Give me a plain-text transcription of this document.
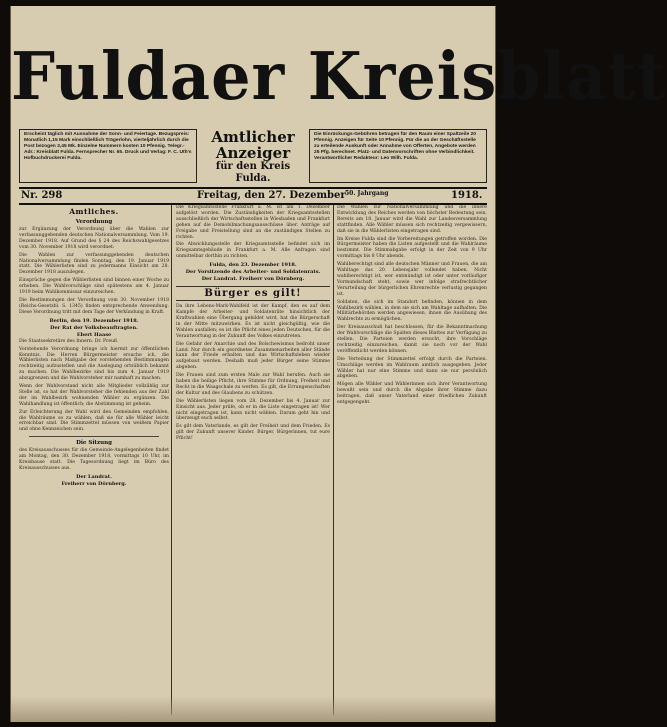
Fuldaer Kreisblatt
Erscheint täglich mit Ausnahme der Sonn- und Feiertage. Bezugspreis: Monatlich 1,15 Mark einschließlich Trägerlohn, vierteljährlich durch die Post bezogen 3,45 Mk. Einzelne Nummern kosten 10 Pfennig. Telegr.-Adr.: Kreisblatt Fulda. Fernsprecher Nr. 65. Druck und Verlag: F. C. Uth's Hofbuchdruckerei Fulda.
Amtlicher
Anzeiger
für den Kreis
Fulda.
Die Einrückungs-Gebühren betragen für den Raum einer Spaltzeile 20 Pfennig. Anzeigen für Seite 10 Pfennig. Für die an der Geschäftsstelle zu erteilende Auskunft oder Annahme von Offerten, Angebote werden 25 Pfg. berechnet. Platz- und Datenvorschriften ohne Verbindlichkeit. Verantwortlicher Redakteur: Leo Wilh. Fulda.
Nr. 298	Freitag, den 27. Dezember 50. Jahrgang	1918.
Amtliches.
Verordnung

zur Ergänzung der Verordnung über die Wahlen zur verfassunggebenden deutschen Nationalversammlung. Vom 19. Dezember 1918. Auf Grund des § 24 des Reichswahlgesetzes vom 30. November 1918 wird verordnet:

Die Wahlen zur verfassunggebenden deutschen Nationalversammlung finden Sonntag, den 19. Januar 1919 statt. Die Wählerlisten sind zu jedermanns Einsicht am 28. Dezember 1918 auszulegen.

Einsprüche gegen die Wählerlisten sind binnen einer Woche zu erheben. Die Wahlvorschläge sind spätestens am 4. Januar 1919 beim Wahlkommissar einzureichen.

Die Bestimmungen der Verordnung vom 30. November 1918 (Reichs-Gesetzbl. S. 1345) finden entsprechende Anwendung. Diese Verordnung tritt mit dem Tage der Verkündung in Kraft.

Berlin, den 19. Dezember 1918.
Der Rat der Volksbeauftragten.
Ebert Haase

Die Staatssekretäre des Innern. Dr. Preuß.

Vorstehende Verordnung bringe ich hiermit zur öffentlichen Kenntnis. Die Herren Bürgermeister ersuche ich, die Wählerlisten nach Maßgabe der vorstehenden Bestimmungen rechtzeitig aufzustellen und die Auslegung ortsüblich bekannt zu machen. Die Wahlbezirke sind bis zum 4. Januar 1919 abzugrenzen und die Wahlvorsteher mir namhaft zu machen.

Wenn der Wahlvorstand nicht alle Mitglieder vollzählig zur Stelle ist, so hat der Wahlvorsteher die fehlenden aus der Zahl der im Wahlbezirk wohnenden Wähler zu ergänzen. Die Wahlhandlung ist öffentlich; die Abstimmung ist geheim.

Zur Erleichterung der Wahl wird den Gemeinden empfohlen, die Wahlräume so zu wählen, daß sie für alle Wähler leicht erreichbar sind. Die Stimmzettel müssen von weißem Papier und ohne Kennzeichen sein.

Die Sitzung

des Kreisausschusses für die Gemeinde-Angelegenheiten findet am Montag, den 30. Dezember 1918, vormittags 10 Uhr, im Kreishause statt. Die Tagesordnung liegt im Büro des Kreisausschusses aus.

Der Landrat.
Freiherr von Dörnberg.

Die Kriegsamtsstelle Frankfurt a. M. ist am 1. Dezember aufgelöst worden. Die Zuständigkeiten der Kriegsamtsstellen ausschließlich der Wirtschaftsstellen in Wiesbaden und Frankfurt gehen auf die Demobilmachungsausschüsse über. Anträge auf Freigabe und Freistellung sind an die zuständigen Stellen zu richten.

Die Abwicklungsstelle der Kriegsamtsstelle befindet sich im Kriegsamtsgebäude in Frankfurt a. M. Alle Anfragen sind unmittelbar dorthin zu richten.

Fulda, den 23. Dezember 1918.
Der Vorsitzende des Arbeiter- und Soldatenrats.
Der Landrat. Freiherr von Dörnberg.
Bürger es gilt!

Da ihre Lebens-Mark-Wahlfeld ist der Kampf, den es auf dem Kampfe der Arbeiter- und Soldatenräte hinsichtlich der Kraftwahlen eine Übergang gebildet wird, hat die Bürgerschaft in der Mitte mitzuwirken. Es ist nicht gleichgültig, wie die Wahlen ausfallen; es ist die Pflicht eines jeden Deutschen, für die Verantwortung in der Zukunft des Volkes einzutreten.

Die Gefahr der Anarchie und des Bolschewismus bedroht unser Land. Nur durch ein geordnetes Zusammenarbeiten aller Stände kann der Friede erhalten und das Wirtschaftsleben wieder aufgebaut werden. Deshalb muß jeder Bürger seine Stimme abgeben.

Die Frauen sind zum ersten Male zur Wahl berufen. Auch sie haben die heilige Pflicht, ihre Stimme für Ordnung, Freiheit und Recht in die Waagschale zu werfen. Es gilt, die Errungenschaften der Kultur und des Glaubens zu schützen.

Die Wählerlisten liegen vom 28. Dezember bis 4. Januar zur Einsicht aus. Jeder prüfe, ob er in die Liste eingetragen ist! Wer nicht eingetragen ist, kann nicht wählen. Darum geht hin und überzeugt euch selbst.

Es gilt dem Vaterlande, es gilt der Freiheit und dem Frieden. Es gilt der Zukunft unserer Kinder. Bürger, Bürgerinnen, tut eure Pflicht!

Die Wahlen zur Nationalversammlung und die innere Entwicklung des Reiches werden von höchster Bedeutung sein. Bereits am 18. Januar wird die Wahl zur Landesversammlung stattfinden. Alle Wähler müssen sich rechtzeitig vergewissern, daß sie in die Wählerlisten eingetragen sind.

Im Kreise Fulda sind die Vorbereitungen getroffen worden. Die Bürgermeister haben die Listen aufgestellt und die Wahlräume bestimmt. Die Stimmabgabe erfolgt in der Zeit von 9 Uhr vormittags bis 8 Uhr abends.

Wahlberechtigt sind alle deutschen Männer und Frauen, die am Wahltage das 20. Lebensjahr vollendet haben. Nicht wahlberechtigt ist, wer entmündigt ist oder unter vorläufiger Vormundschaft steht, sowie wer infolge strafrechtlicher Verurteilung der bürgerlichen Ehrenrechte verlustig gegangen ist.

Soldaten, die sich im Standort befinden, können in dem Wahlbezirk wählen, in dem sie sich am Wahltage aufhalten. Die Militärbehörden werden angewiesen, ihnen die Ausübung des Wahlrechts zu ermöglichen.

Der Kreisausschuß hat beschlossen, für die Bekanntmachung der Wahlvorschläge die Spalten dieses Blattes zur Verfügung zu stellen. Die Parteien werden ersucht, ihre Vorschläge rechtzeitig einzureichen, damit sie noch vor der Wahl veröffentlicht werden können.

Die Verteilung der Stimmzettel erfolgt durch die Parteien. Umschläge werden im Wahlraum amtlich ausgegeben. Jeder Wähler hat nur eine Stimme und kann sie nur persönlich abgeben.

Mögen alle Wähler und Wählerinnen sich ihrer Verantwortung bewußt sein und durch die Abgabe ihrer Stimme dazu beitragen, daß unser Vaterland einer friedlichen Zukunft entgegengeht.
